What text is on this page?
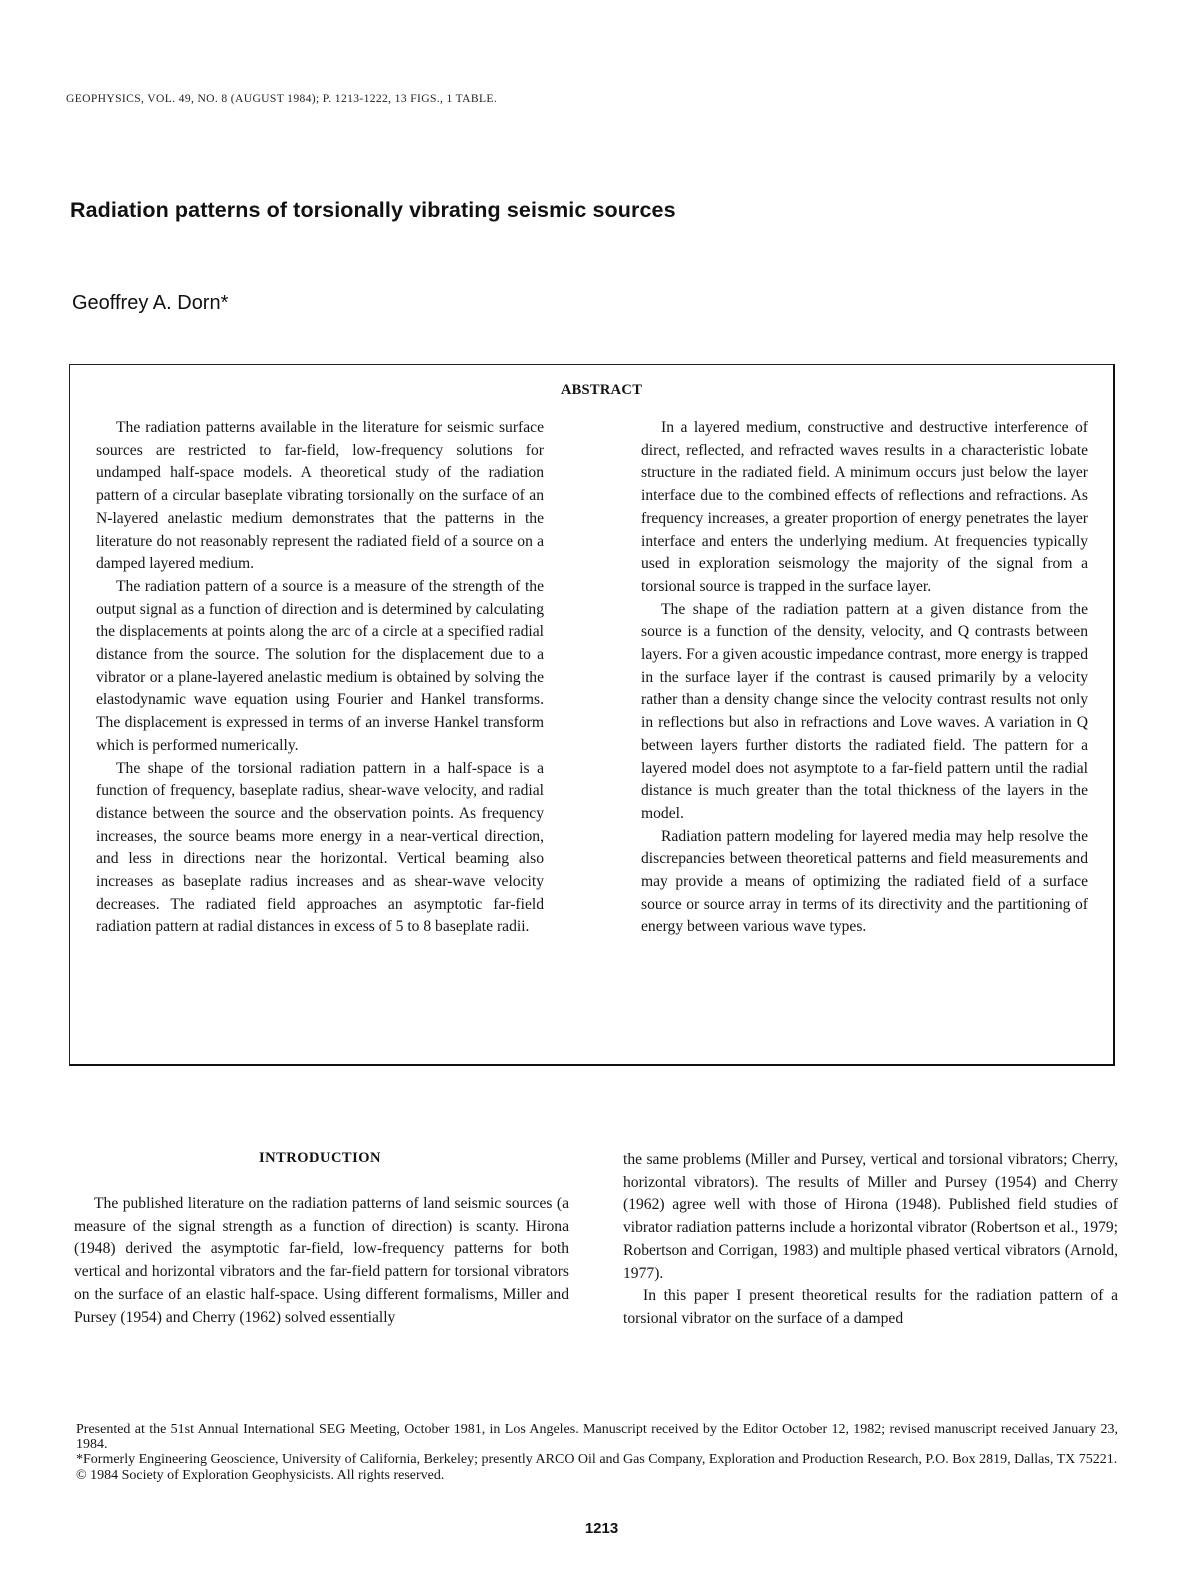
GEOPHYSICS, VOL. 49, NO. 8 (AUGUST 1984); P. 1213-1222, 13 FIGS., 1 TABLE.
Radiation patterns of torsionally vibrating seismic sources
Geoffrey A. Dorn*
ABSTRACT

The radiation patterns available in the literature for seismic surface sources are restricted to far-field, low-frequency solutions for undamped half-space models. A theoretical study of the radiation pattern of a circular baseplate vibrating torsionally on the surface of an N-layered anelastic medium demonstrates that the patterns in the literature do not reasonably represent the radiated field of a source on a damped layered medium.

The radiation pattern of a source is a measure of the strength of the output signal as a function of direction and is determined by calculating the displacements at points along the arc of a circle at a specified radial distance from the source. The solution for the displacement due to a vibrator or a plane-layered anelastic medium is obtained by solving the elastodynamic wave equation using Fourier and Hankel transforms. The displacement is expressed in terms of an inverse Hankel transform which is performed numerically.

The shape of the torsional radiation pattern in a half-space is a function of frequency, baseplate radius, shear-wave velocity, and radial distance between the source and the observation points. As frequency increases, the source beams more energy in a near-vertical direction, and less in directions near the horizontal. Vertical beaming also increases as baseplate radius increases and as shear-wave velocity decreases. The radiated field approaches an asymptotic far-field radiation pattern at radial distances in excess of 5 to 8 baseplate radii.

In a layered medium, constructive and destructive interference of direct, reflected, and refracted waves results in a characteristic lobate structure in the radiated field. A minimum occurs just below the layer interface due to the combined effects of reflections and refractions. As frequency increases, a greater proportion of energy penetrates the layer interface and enters the underlying medium. At frequencies typically used in exploration seismology the majority of the signal from a torsional source is trapped in the surface layer.

The shape of the radiation pattern at a given distance from the source is a function of the density, velocity, and Q contrasts between layers. For a given acoustic impedance contrast, more energy is trapped in the surface layer if the contrast is caused primarily by a velocity rather than a density change since the velocity contrast results not only in reflections but also in refractions and Love waves. A variation in Q between layers further distorts the radiated field. The pattern for a layered model does not asymptote to a far-field pattern until the radial distance is much greater than the total thickness of the layers in the model.

Radiation pattern modeling for layered media may help resolve the discrepancies between theoretical patterns and field measurements and may provide a means of optimizing the radiated field of a surface source or source array in terms of its directivity and the partitioning of energy between various wave types.

INTRODUCTION

The published literature on the radiation patterns of land seismic sources (a measure of the signal strength as a function of direction) is scanty. Hirona (1948) derived the asymptotic far-field, low-frequency patterns for both vertical and horizontal vibrators and the far-field pattern for torsional vibrators on the surface of an elastic half-space. Using different formalisms, Miller and Pursey (1954) and Cherry (1962) solved essentially

the same problems (Miller and Pursey, vertical and torsional vibrators; Cherry, horizontal vibrators). The results of Miller and Pursey (1954) and Cherry (1962) agree well with those of Hirona (1948). Published field studies of vibrator radiation patterns include a horizontal vibrator (Robertson et al., 1979; Robertson and Corrigan, 1983) and multiple phased vertical vibrators (Arnold, 1977).

In this paper I present theoretical results for the radiation pattern of a torsional vibrator on the surface of a damped

Presented at the 51st Annual International SEG Meeting, October 1981, in Los Angeles. Manuscript received by the Editor October 12, 1982; revised manuscript received January 23, 1984.

*Formerly Engineering Geoscience, University of California, Berkeley; presently ARCO Oil and Gas Company, Exploration and Production Research, P.O. Box 2819, Dallas, TX 75221.

© 1984 Society of Exploration Geophysicists. All rights reserved.

1213
